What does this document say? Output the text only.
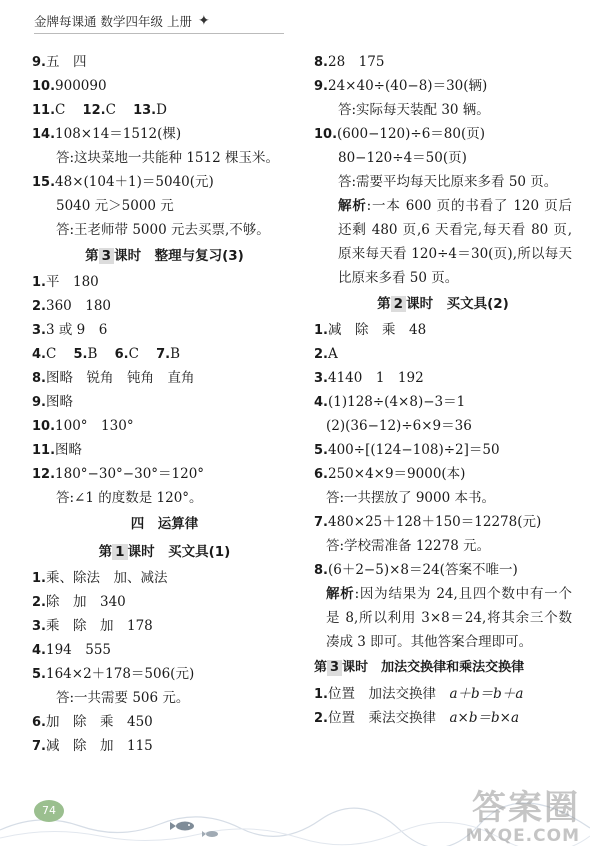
金牌每课通 数学四年级 上册 ✦
9.五　四
10.900090
11.C 12.C 13.D
14.108×14＝1512(棵)
答:这块菜地一共能种 1512 棵玉米。
15.48×(104＋1)＝5040(元)
5040 元＞5000 元
答:王老师带 5000 元去买票,不够。
第 3 课时　整理与复习(3)
1.平　180
2.360　180
3.3 或 9　6
4.C 5.B 6.C 7.B
8.图略　锐角　钝角　直角
9.图略
10.100°　130°
11.图略
12.180°−30°−30°＝120°
答:∠1 的度数是 120°。
四　运算律
第 1 课时　买文具(1)
1.乘、除法　加、减法
2.除　加　340
3.乘　除　加　178
4.194　555
5.164×2＋178＝506(元)
答:一共需要 506 元。
6.加　除　乘　450
7.减　除　加　115
8.28　175
9.24×40÷(40−8)＝30(辆)
答:实际每天装配 30 辆。
10.(600−120)÷6＝80(页)
80−120÷4＝50(页)
答:需要平均每天比原来多看 50 页。
解析:一本 600 页的书看了 120 页后还剩 480 页,6 天看完,每天看 80 页,原来每天看 120÷4＝30(页),所以每天比原来多看 50 页。
第 2 课时　买文具(2)
1.减　除　乘　48
2.A
3.4140　1　192
4.(1)128÷(4×8)−3＝1
(2)(36−12)÷6×9＝36
5.400÷[(124−108)÷2]＝50
6.250×4×9＝9000(本)
答:一共摆放了 9000 本书。
7.480×25＋128＋150＝12278(元)
答:学校需准备 12278 元。
8.(6＋2−5)×8＝24(答案不唯一)
解析:因为结果为 24,且四个数中有一个是 8,所以利用 3×8＝24,将其余三个数凑成 3 即可。其他答案合理即可。
第 3 课时　加法交换律和乘法交换律
1.位置　加法交换律　a＋b＝b＋a
2.位置　乘法交换律　a×b＝b×a
74	答案圈
MXQE.COM
